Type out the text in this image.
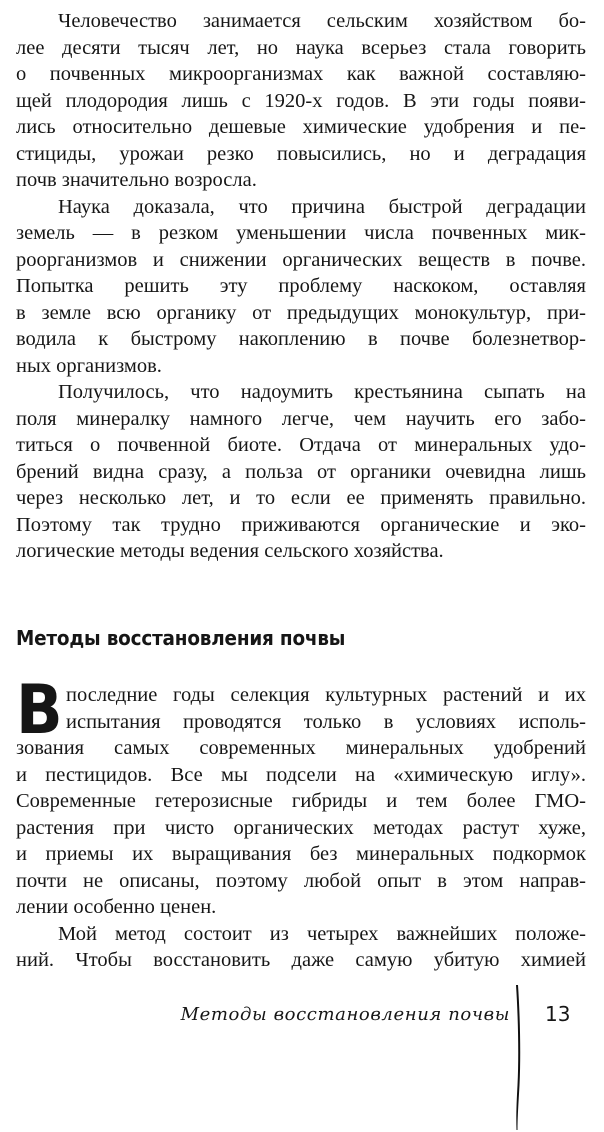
Человечество занимается сельским хозяйством бо-
лее десяти тысяч лет, но наука всерьез стала говорить
о почвенных микроорганизмах как важной составляю-
щей плодородия лишь с 1920-х годов. В эти годы появи-
лись относительно дешевые химические удобрения и пе-
стициды, урожаи резко повысились, но и деградация
почв значительно возросла.
Наука доказала, что причина быстрой деградации
земель — в резком уменьшении числа почвенных мик-
роорганизмов и снижении органических веществ в почве.
Попытка решить эту проблему наскоком, оставляя
в земле всю органику от предыдущих монокультур, при-
водила к быстрому накоплению в почве болезнетвор-
ных организмов.
Получилось, что надоумить крестьянина сыпать на
поля минералку намного легче, чем научить его забо-
титься о почвенной биоте. Отдача от минеральных удо-
брений видна сразу, а польза от органики очевидна лишь
через несколько лет, и то если ее применять правильно.
Поэтому так трудно приживаются органические и эко-
логические методы ведения сельского хозяйства.
Методы восстановления почвы
В последние годы селекция культурных растений и их
испытания проводятся только в условиях исполь-
зования самых современных минеральных удобрений
и пестицидов. Все мы подсели на «химическую иглу».
Современные гетерозисные гибриды и тем более ГМО-
растения при чисто органических методах растут хуже,
и приемы их выращивания без минеральных подкормок
почти не описаны, поэтому любой опыт в этом направ-
лении особенно ценен.
Мой метод состоит из четырех важнейших положе-
ний. Чтобы восстановить даже самую убитую химией
Методы восстановления почвы 13
